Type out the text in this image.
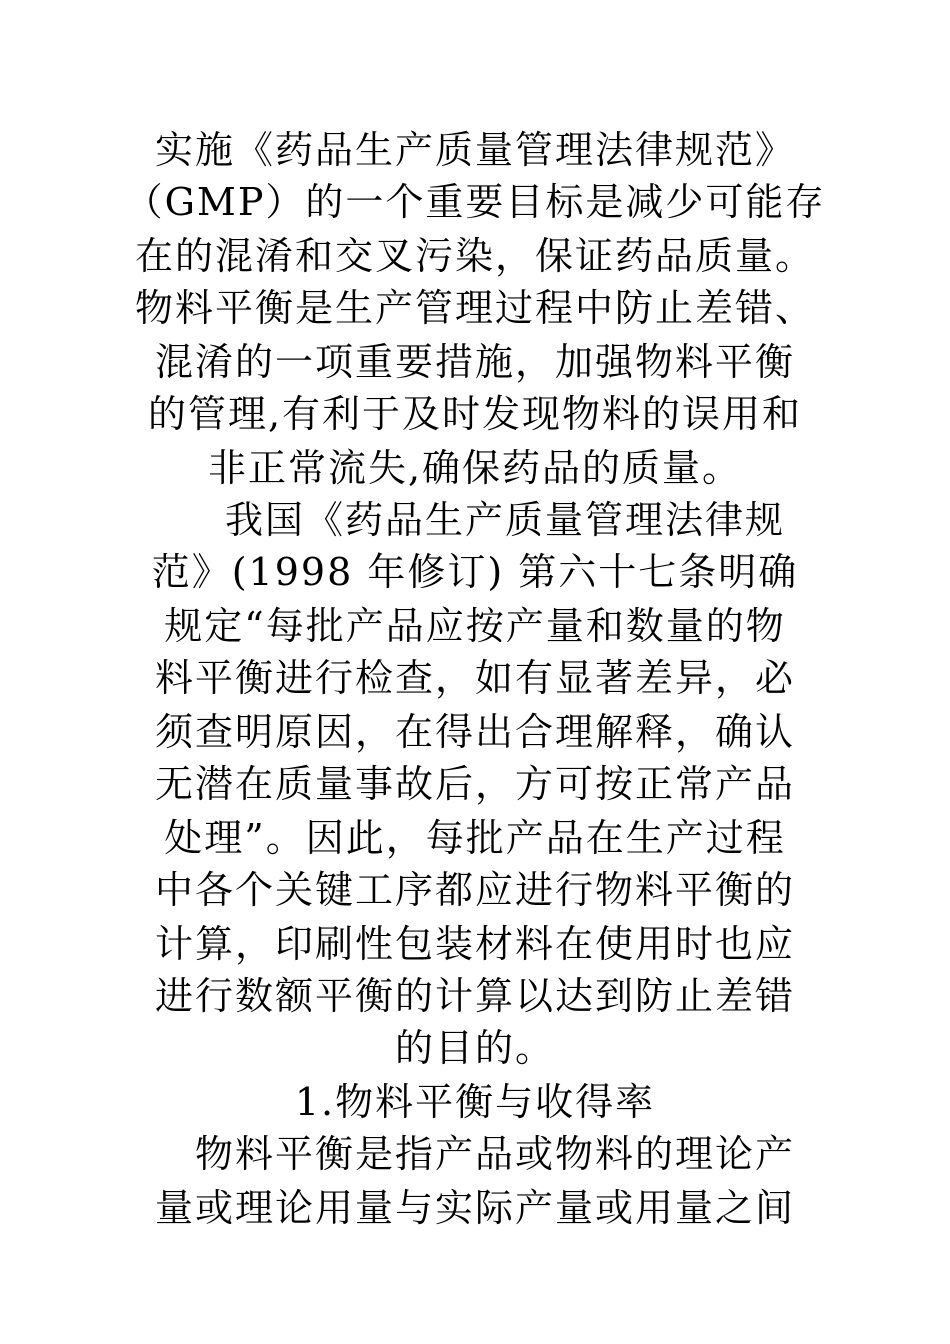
实施《药品生产质量管理法律规范》
（GMP）的一个重要目标是减少可能存
在的混淆和交叉污染，保证药品质量。
物料平衡是生产管理过程中防止差错、
混淆的一项重要措施，加强物料平衡
的管理,有利于及时发现物料的误用和
非正常流失,确保药品的质量。
我国《药品生产质量管理法律规
范》(1998 年修订) 第六十七条明确
规定“每批产品应按产量和数量的物
料平衡进行检查，如有显著差异，必
须查明原因，在得出合理解释，确认
无潜在质量事故后，方可按正常产品
处理”。因此，每批产品在生产过程
中各个关键工序都应进行物料平衡的
计算，印刷性包装材料在使用时也应
进行数额平衡的计算以达到防止差错
的目的。
1.物料平衡与收得率
物料平衡是指产品或物料的理论产
量或理论用量与实际产量或用量之间
